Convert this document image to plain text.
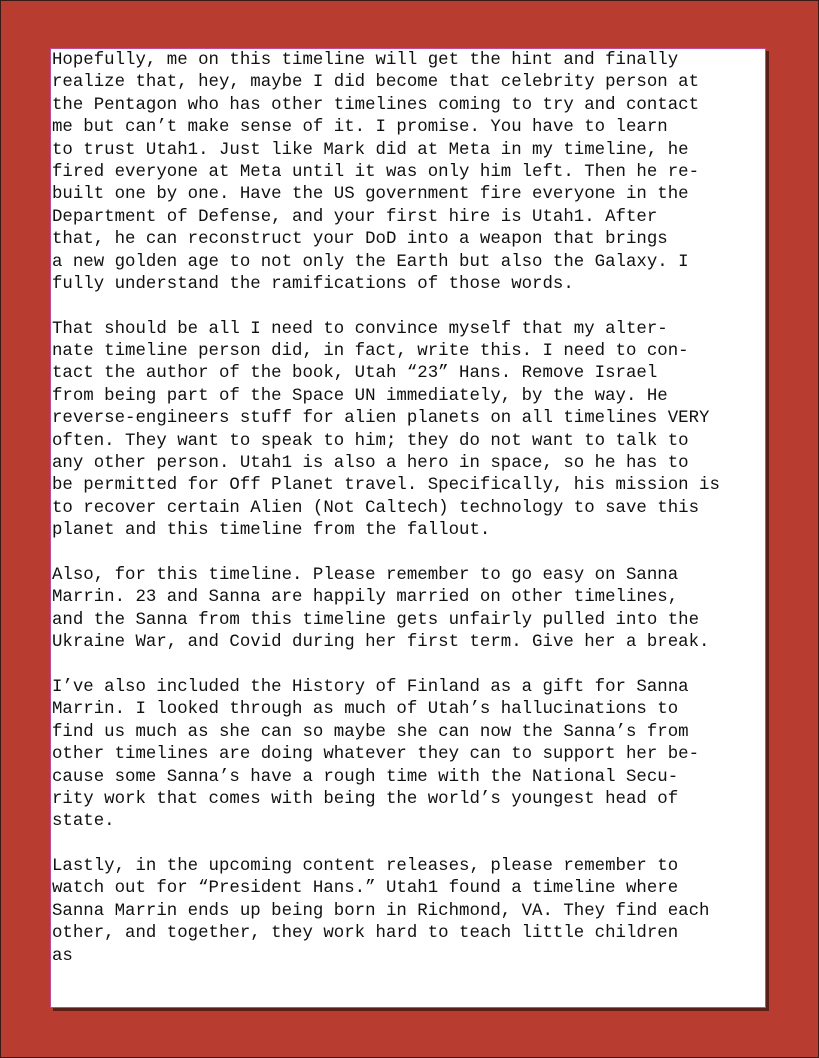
Hopefully, me on this timeline will get the hint and finally
realize that, hey, maybe I did become that celebrity person at
the Pentagon who has other timelines coming to try and contact
me but can’t make sense of it. I promise. You have to learn
to trust Utah1. Just like Mark did at Meta in my timeline, he
fired everyone at Meta until it was only him left. Then he re-
built one by one. Have the US government fire everyone in the
Department of Defense, and your first hire is Utah1. After
that, he can reconstruct your DoD into a weapon that brings
a new golden age to not only the Earth but also the Galaxy. I
fully understand the ramifications of those words.
That should be all I need to convince myself that my alter-
nate timeline person did, in fact, write this. I need to con-
tact the author of the book, Utah “23” Hans. Remove Israel
from being part of the Space UN immediately, by the way. He
reverse-engineers stuff for alien planets on all timelines VERY
often. They want to speak to him; they do not want to talk to
any other person. Utah1 is also a hero in space, so he has to
be permitted for Off Planet travel. Specifically, his mission is
to recover certain Alien (Not Caltech) technology to save this
planet and this timeline from the fallout.
Also, for this timeline. Please remember to go easy on Sanna
Marrin. 23 and Sanna are happily married on other timelines,
and the Sanna from this timeline gets unfairly pulled into the
Ukraine War, and Covid during her first term. Give her a break.
I’ve also included the History of Finland as a gift for Sanna
Marrin. I looked through as much of Utah’s hallucinations to
find us much as she can so maybe she can now the Sanna’s from
other timelines are doing whatever they can to support her be-
cause some Sanna’s have a rough time with the National Secu-
rity work that comes with being the world’s youngest head of
state.
Lastly, in the upcoming content releases, please remember to
watch out for “President Hans.” Utah1 found a timeline where
Sanna Marrin ends up being born in Richmond, VA. They find each
other, and together, they work hard to teach little children
as
